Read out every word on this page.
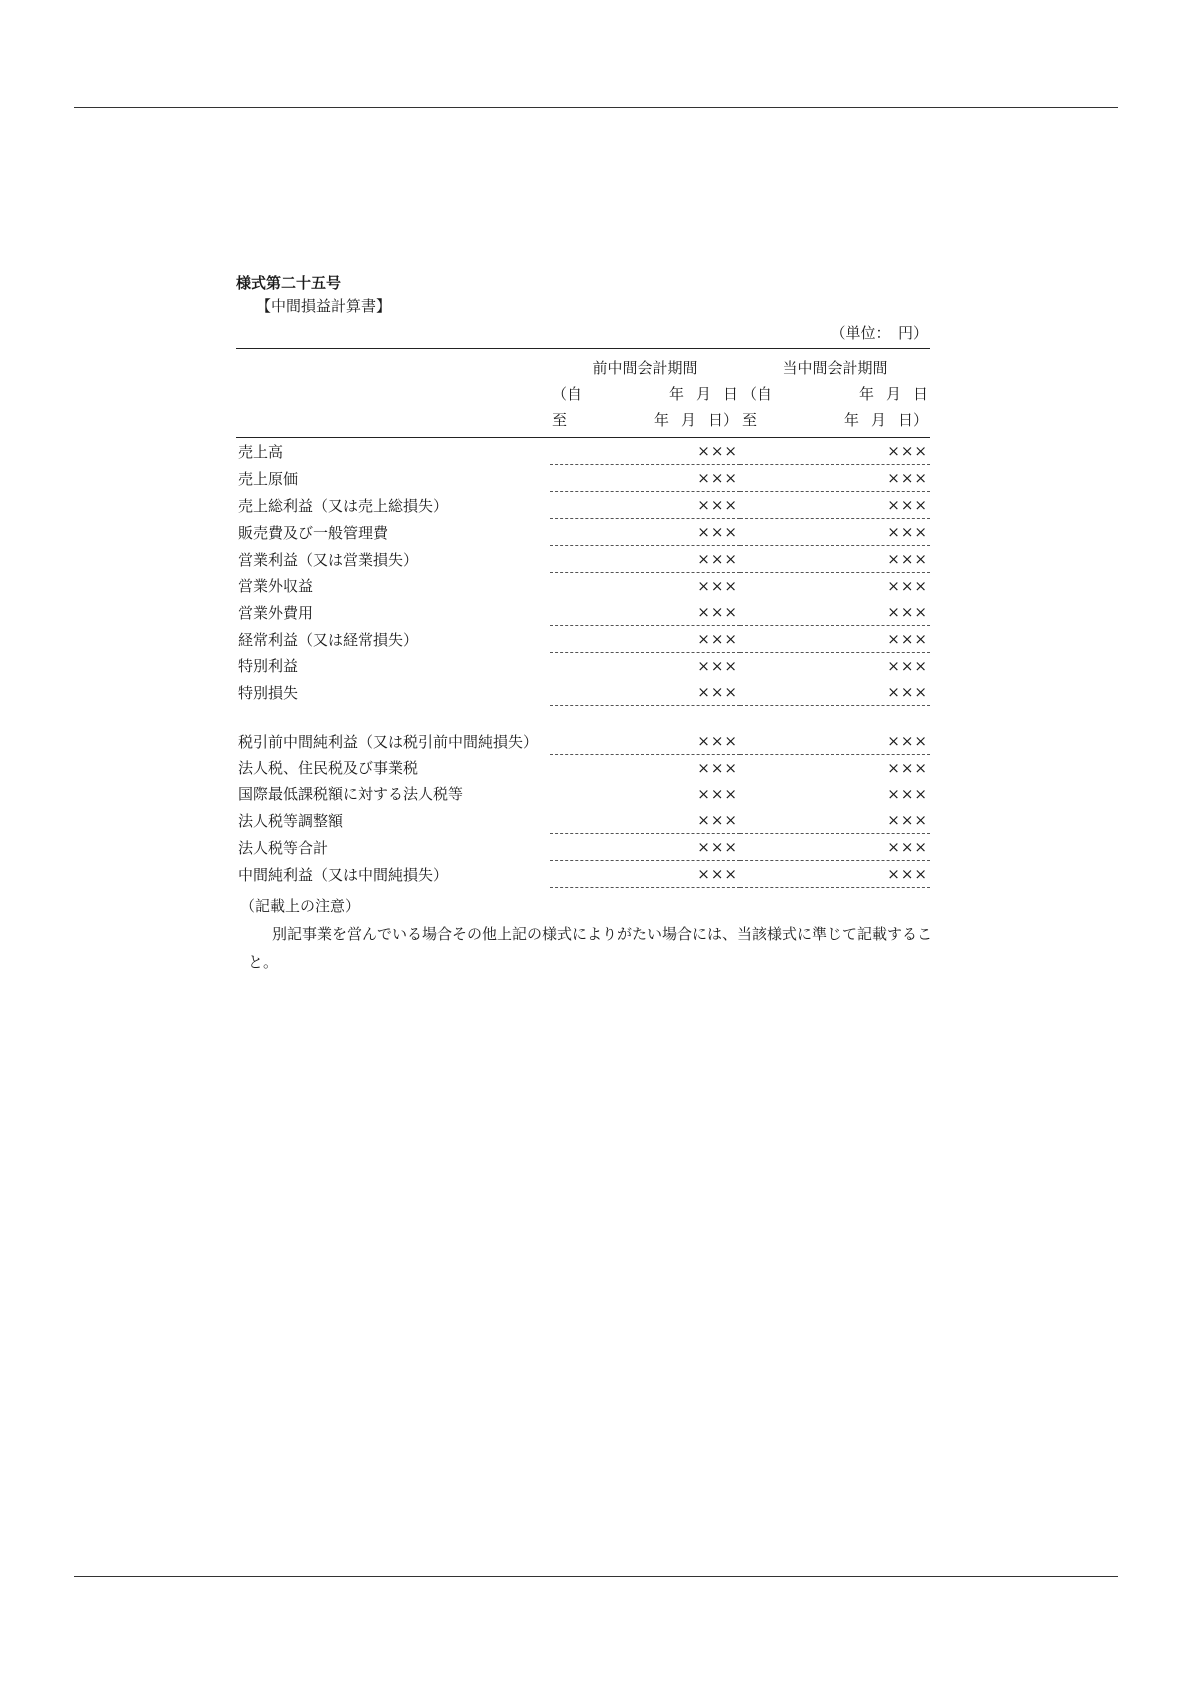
様式第二十五号
【中間損益計算書】
（単位：　円）

	前中間会計期間	当中間会計期間

	（自 年 月 日	（自 年 月 日

	至 年 月 日）	至 年 月 日）

売上高	×××	×××
売上原価	×××	×××
売上総利益（又は売上総損失）	×××	×××
販売費及び一般管理費	×××	×××
営業利益（又は営業損失）	×××	×××
営業外収益	×××	×××
営業外費用	×××	×××
経常利益（又は経常損失）	×××	×××
特別利益	×××	×××
特別損失	×××	×××
税引前中間純利益（又は税引前中間純損失）	×××	×××
法人税、住民税及び事業税	×××	×××
国際最低課税額に対する法人税等	×××	×××
法人税等調整額	×××	×××
法人税等合計	×××	×××
中間純利益（又は中間純損失）	×××	×××
（記載上の注意）
別記事業を営んでいる場合その他上記の様式によりがたい場合には、当該様式に準じて記載すること。
